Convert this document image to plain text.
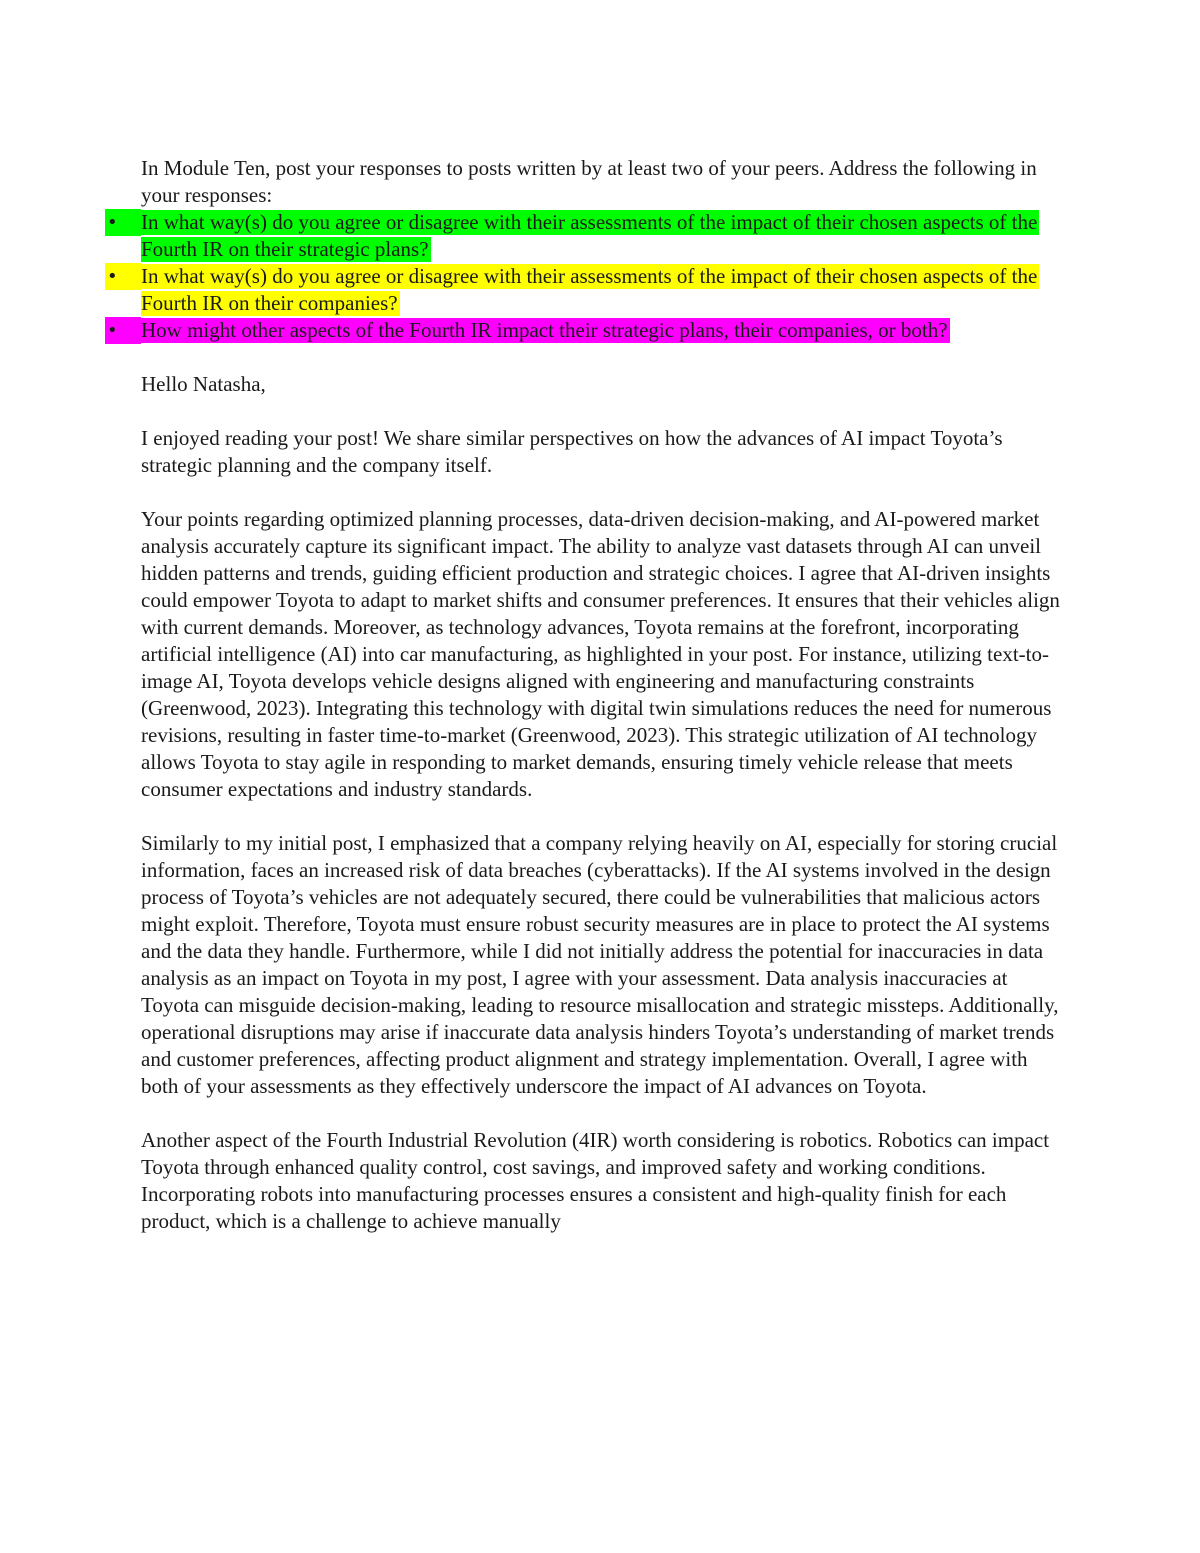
In Module Ten, post your responses to posts written by at least two of your peers. Address the following in your responses:

• In what way(s) do you agree or disagree with their assessments of the impact of their chosen aspects of the Fourth IR on their strategic plans?
• In what way(s) do you agree or disagree with their assessments of the impact of their chosen aspects of the Fourth IR on their companies?
• How might other aspects of the Fourth IR impact their strategic plans, their companies, or both?

Hello Natasha,

I enjoyed reading your post! We share similar perspectives on how the advances of AI impact Toyota’s strategic planning and the company itself.

Your points regarding optimized planning processes, data-driven decision-making, and AI-powered market analysis accurately capture its significant impact. The ability to analyze vast datasets through AI can unveil hidden patterns and trends, guiding efficient production and strategic choices. I agree that AI-driven insights could empower Toyota to adapt to market shifts and consumer preferences. It ensures that their vehicles align with current demands. Moreover, as technology advances, Toyota remains at the forefront, incorporating artificial intelligence (AI) into car manufacturing, as highlighted in your post. For instance, utilizing text-to-image AI, Toyota develops vehicle designs aligned with engineering and manufacturing constraints (Greenwood, 2023). Integrating this technology with digital twin simulations reduces the need for numerous revisions, resulting in faster time-to-market (Greenwood, 2023). This strategic utilization of AI technology allows Toyota to stay agile in responding to market demands, ensuring timely vehicle release that meets consumer expectations and industry standards.

Similarly to my initial post, I emphasized that a company relying heavily on AI, especially for storing crucial information, faces an increased risk of data breaches (cyberattacks). If the AI systems involved in the design process of Toyota’s vehicles are not adequately secured, there could be vulnerabilities that malicious actors might exploit. Therefore, Toyota must ensure robust security measures are in place to protect the AI systems and the data they handle. Furthermore, while I did not initially address the potential for inaccuracies in data analysis as an impact on Toyota in my post, I agree with your assessment. Data analysis inaccuracies at Toyota can misguide decision-making, leading to resource misallocation and strategic missteps. Additionally, operational disruptions may arise if inaccurate data analysis hinders Toyota’s understanding of market trends and customer preferences, affecting product alignment and strategy implementation. Overall, I agree with both of your assessments as they effectively underscore the impact of AI advances on Toyota.

Another aspect of the Fourth Industrial Revolution (4IR) worth considering is robotics. Robotics can impact Toyota through enhanced quality control, cost savings, and improved safety and working conditions. Incorporating robots into manufacturing processes ensures a consistent and high-quality finish for each product, which is a challenge to achieve manually
